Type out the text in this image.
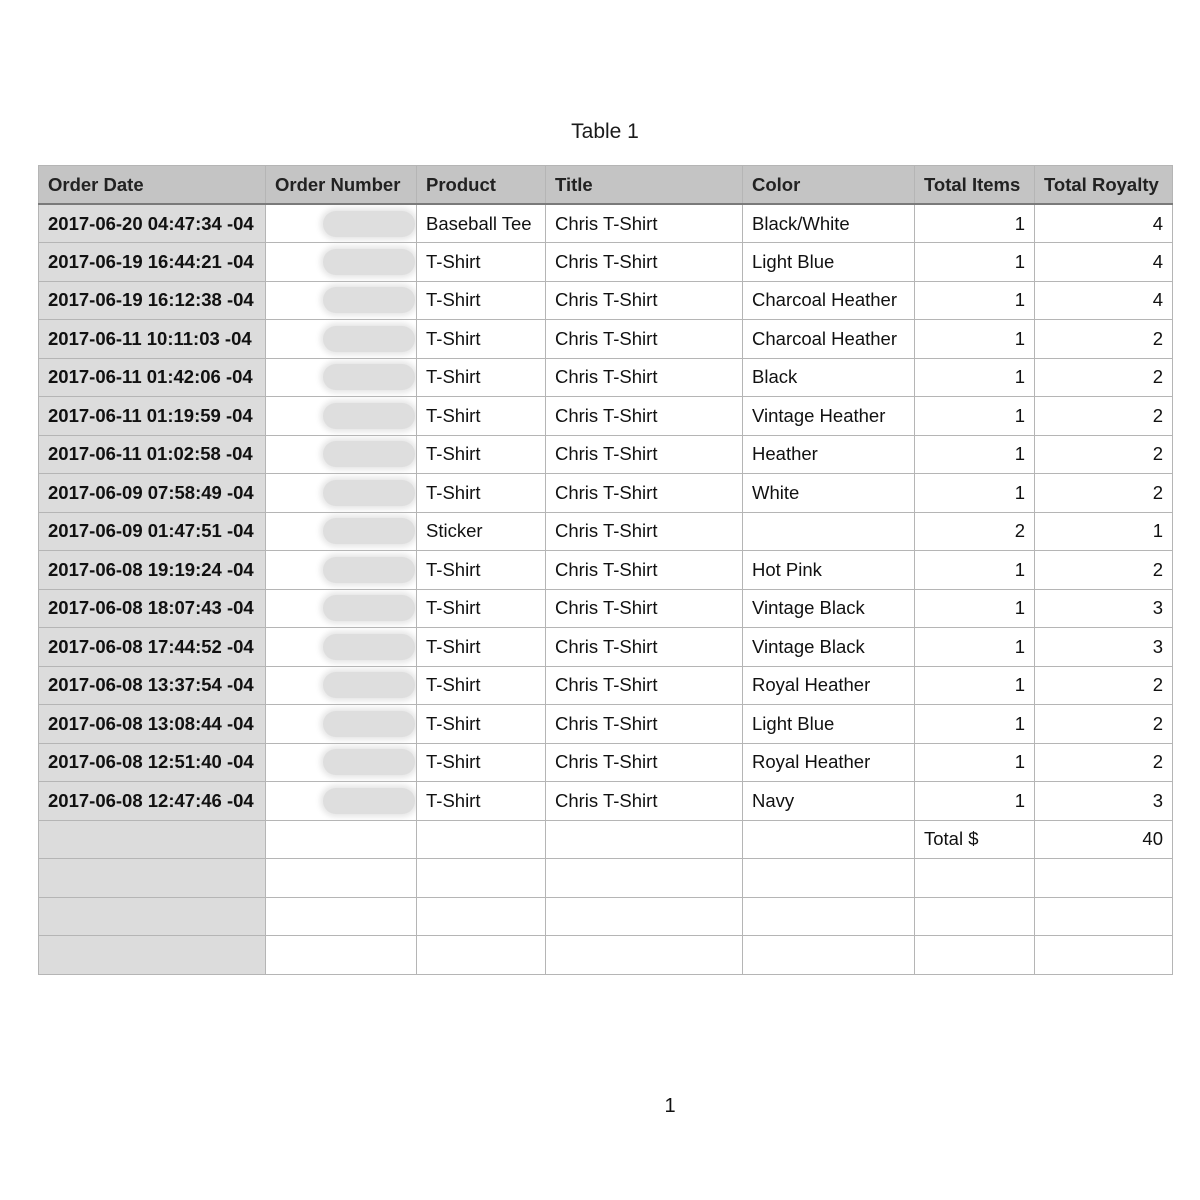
Table 1
Order Date	Order Number	Product	Title	Color	Total Items	Total Royalty
2017-06-20 04:47:34 -04		Baseball Tee	Chris T-Shirt	Black/White	1	4
2017-06-19 16:44:21 -04		T-Shirt	Chris T-Shirt	Light Blue	1	4
2017-06-19 16:12:38 -04		T-Shirt	Chris T-Shirt	Charcoal Heather	1	4
2017-06-11 10:11:03 -04		T-Shirt	Chris T-Shirt	Charcoal Heather	1	2
2017-06-11 01:42:06 -04		T-Shirt	Chris T-Shirt	Black	1	2
2017-06-11 01:19:59 -04		T-Shirt	Chris T-Shirt	Vintage Heather	1	2
2017-06-11 01:02:58 -04		T-Shirt	Chris T-Shirt	Heather	1	2
2017-06-09 07:58:49 -04		T-Shirt	Chris T-Shirt	White	1	2
2017-06-09 01:47:51 -04		Sticker	Chris T-Shirt		2	1
2017-06-08 19:19:24 -04		T-Shirt	Chris T-Shirt	Hot Pink	1	2
2017-06-08 18:07:43 -04		T-Shirt	Chris T-Shirt	Vintage Black	1	3
2017-06-08 17:44:52 -04		T-Shirt	Chris T-Shirt	Vintage Black	1	3
2017-06-08 13:37:54 -04		T-Shirt	Chris T-Shirt	Royal Heather	1	2
2017-06-08 13:08:44 -04		T-Shirt	Chris T-Shirt	Light Blue	1	2
2017-06-08 12:51:40 -04		T-Shirt	Chris T-Shirt	Royal Heather	1	2
2017-06-08 12:47:46 -04		T-Shirt	Chris T-Shirt	Navy	1	3
					Total $	40

1
